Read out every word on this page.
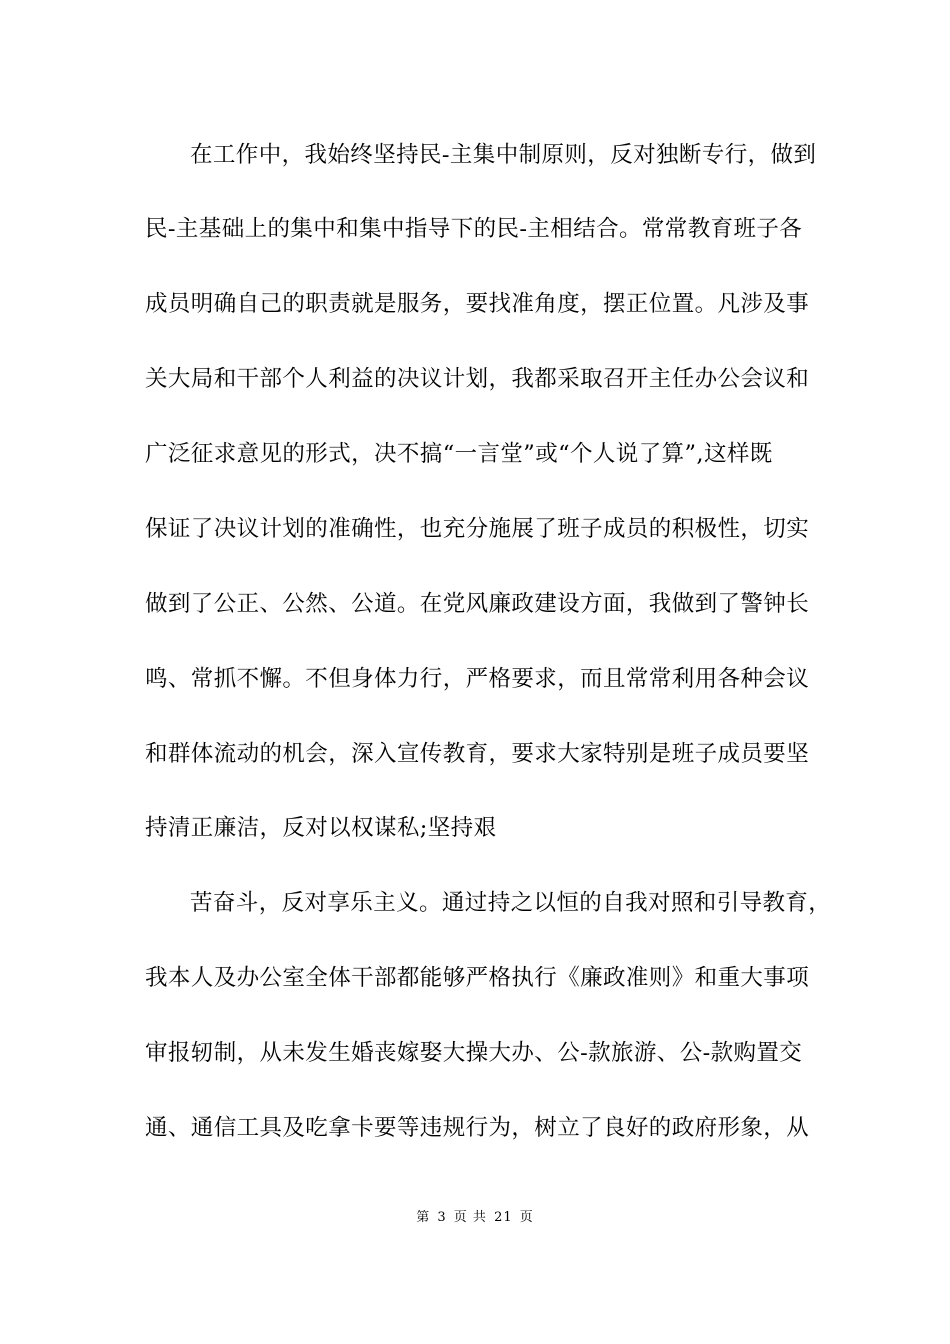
在工作中，我始终坚持民-主集中制原则，反对独断专行，做到
民-主基础上的集中和集中指导下的民-主相结合。常常教育班子各
成员明确自己的职责就是服务，要找准角度，摆正位置。凡涉及事
关大局和干部个人利益的决议计划，我都采取召开主任办公会议和
广泛征求意见的形式，决不搞“一言堂”或“个人说了算”,这样既
保证了决议计划的准确性，也充分施展了班子成员的积极性，切实
做到了公正、公然、公道。在党风廉政建设方面，我做到了警钟长
鸣、常抓不懈。不但身体力行，严格要求，而且常常利用各种会议
和群体流动的机会，深入宣传教育，要求大家特别是班子成员要坚
持清正廉洁，反对以权谋私;坚持艰
苦奋斗，反对享乐主义。通过持之以恒的自我对照和引导教育，
我本人及办公室全体干部都能够严格执行《廉政准则》和重大事项
审报轫制，从未发生婚丧嫁娶大操大办、公-款旅游、公-款购置交
通、通信工具及吃拿卡要等违规行为，树立了良好的政府形象，从
第 3 页 共 21 页
